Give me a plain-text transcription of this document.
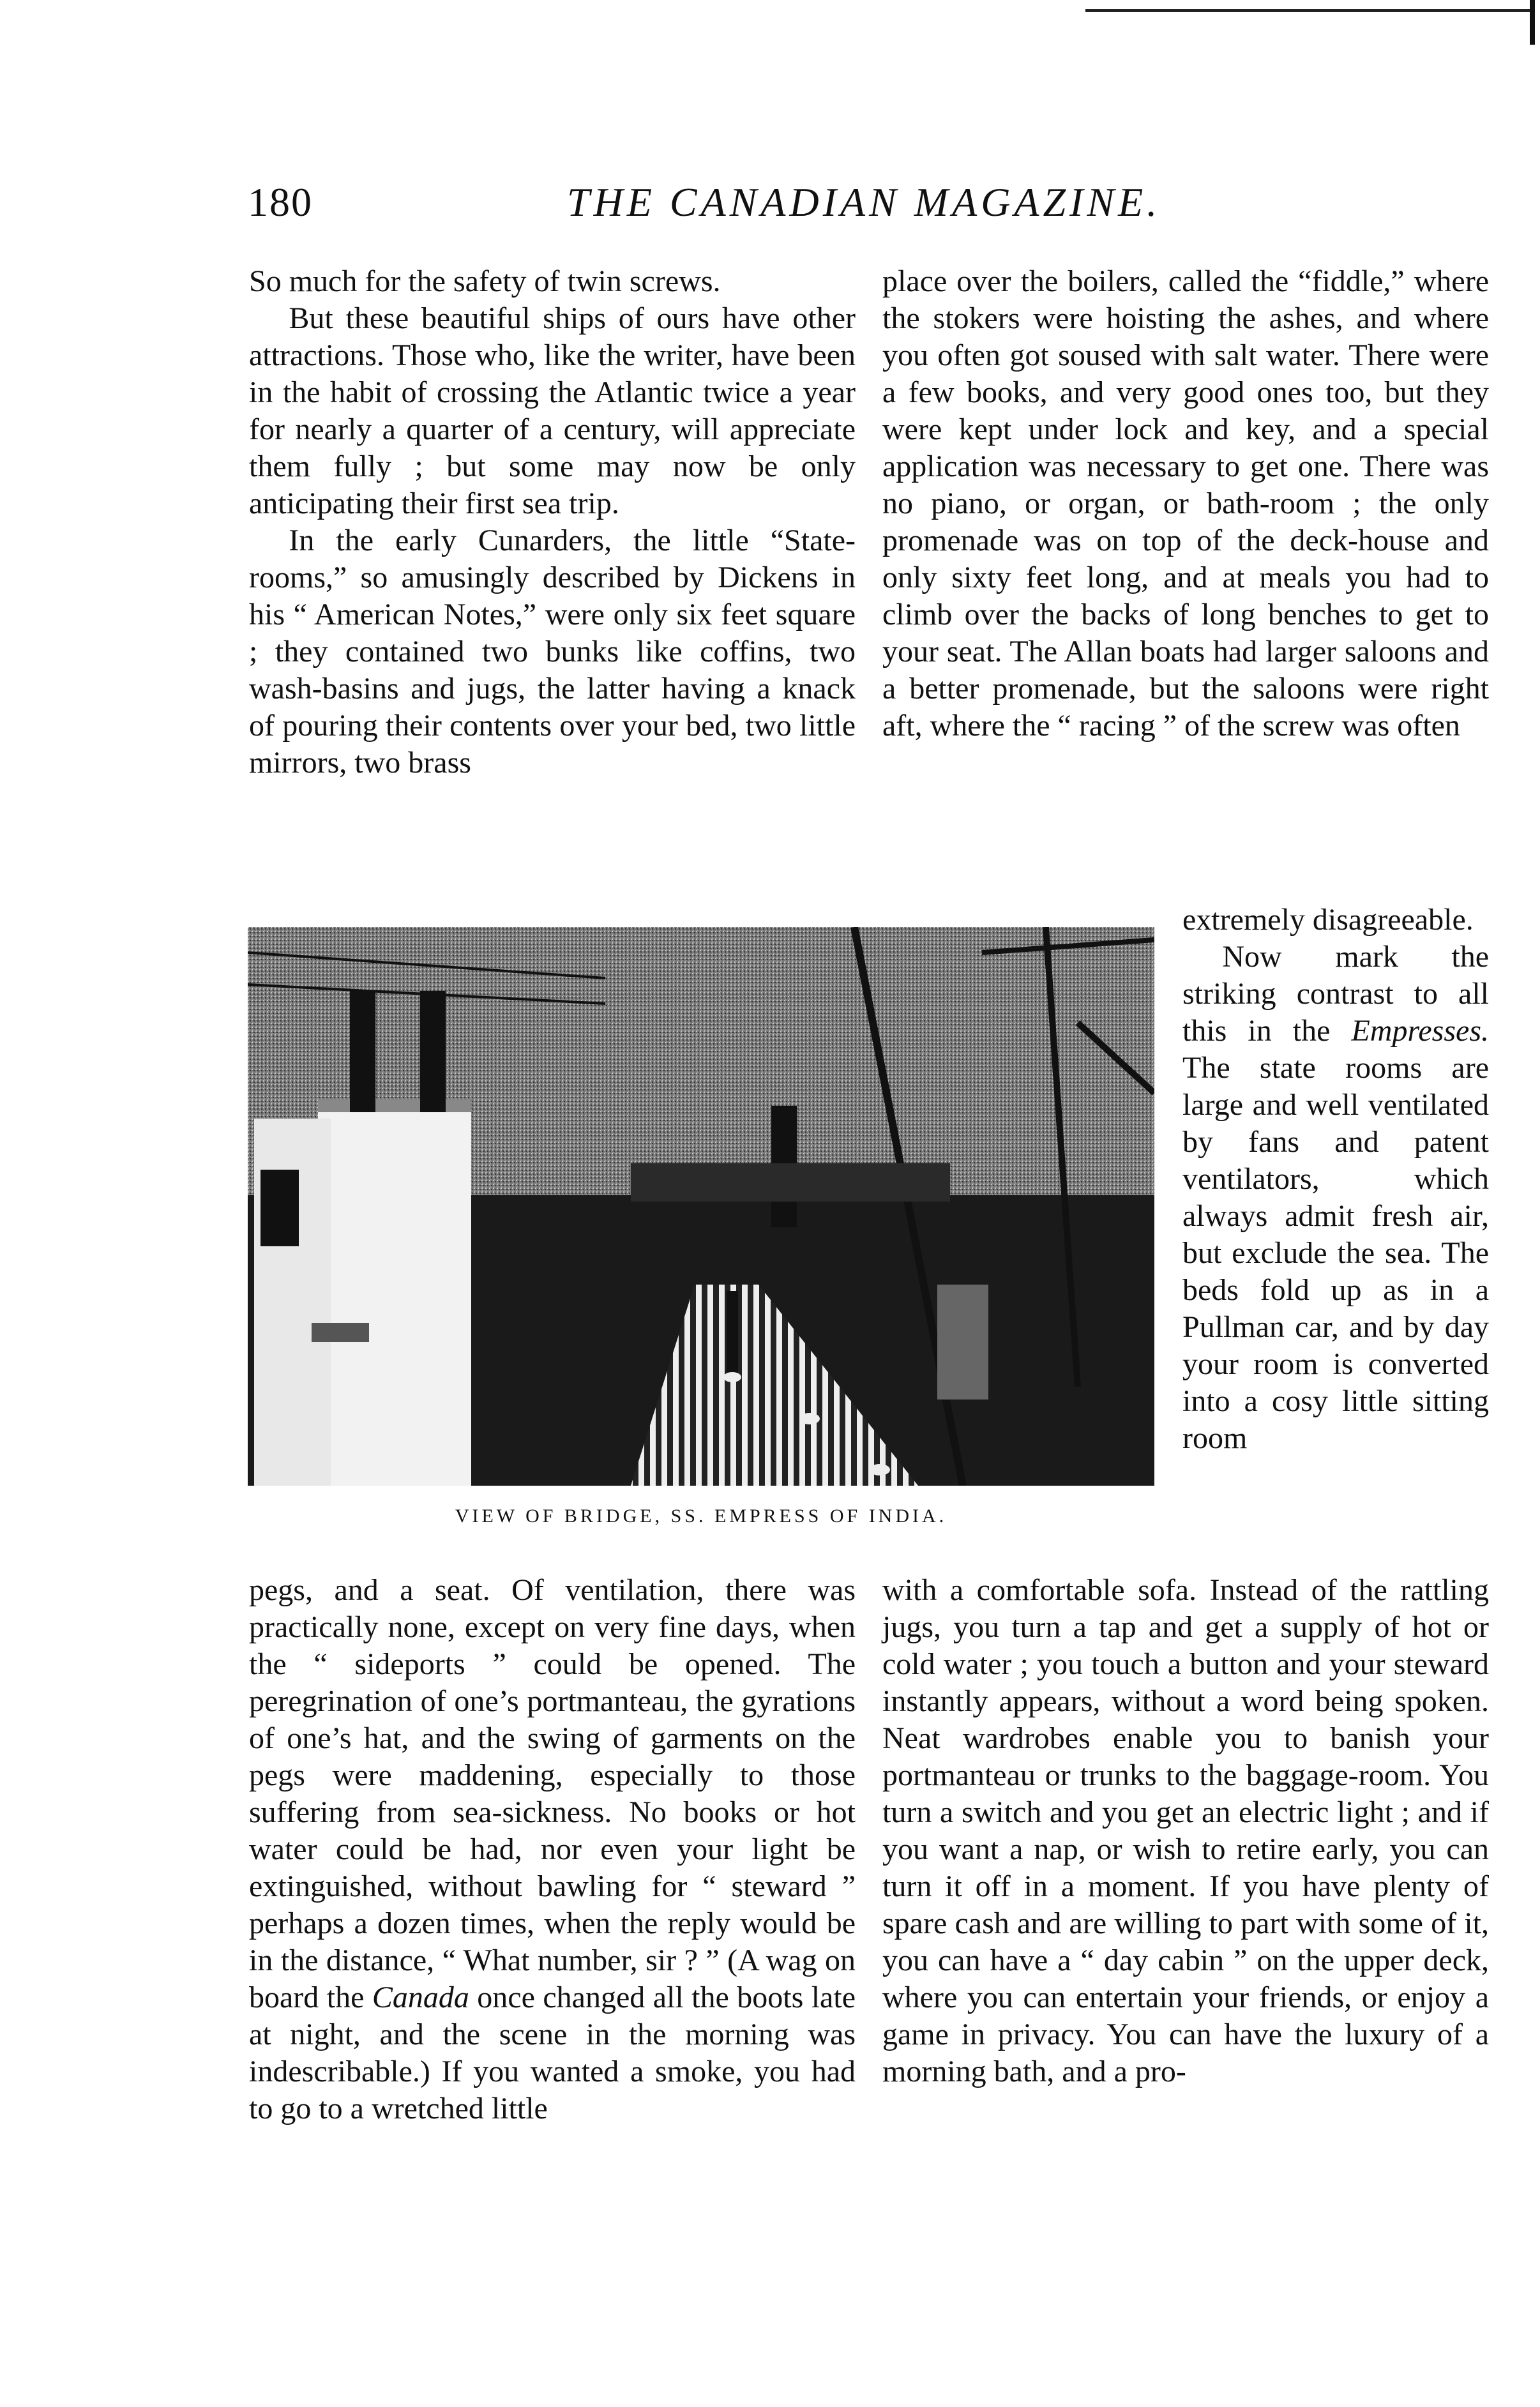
180	THE CANADIAN MAGAZINE.

So much for the safety of twin screws.

But these beautiful ships of ours have other attractions. Those who, like the writer, have been in the habit of crossing the Atlantic twice a year for nearly a quarter of a century, will appreciate them fully ; but some may now be only anticipating their first sea trip.

In the early Cunarders, the little “State-rooms,” so amusingly described by Dickens in his “ American Notes,” were only six feet square ; they contained two bunks like coffins, two wash-basins and jugs, the latter having a knack of pouring their contents over your bed, two little mirrors, two brass

place over the boilers, called the “fiddle,” where the stokers were hoisting the ashes, and where you often got soused with salt water. There were a few books, and very good ones too, but they were kept under lock and key, and a special application was necessary to get one. There was no piano, or organ, or bath-room ; the only promenade was on top of the deck-house and only sixty feet long, and at meals you had to climb over the backs of long benches to get to your seat. The Allan boats had larger saloons and a better promenade, but the saloons were right aft, where the “ racing ” of the screw was often

VIEW OF BRIDGE, SS. EMPRESS OF INDIA.

extremely disagreeable.

Now mark the striking contrast to all this in the Empresses. The state rooms are large and well ventilated by fans and patent ventilators, which always admit fresh air, but exclude the sea. The beds fold up as in a Pullman car, and by day your room is converted into a cosy little sitting room

pegs, and a seat. Of ventilation, there was practically none, except on very fine days, when the “ sideports ” could be opened. The peregrination of one’s portmanteau, the gyrations of one’s hat, and the swing of garments on the pegs were maddening, especially to those suffering from sea-sickness. No books or hot water could be had, nor even your light be extinguished, without bawling for “ steward ” perhaps a dozen times, when the reply would be in the distance, “ What number, sir ? ” (A wag on board the Canada once changed all the boots late at night, and the scene in the morning was indescribable.) If you wanted a smoke, you had to go to a wretched little

with a comfortable sofa. Instead of the rattling jugs, you turn a tap and get a supply of hot or cold water ; you touch a button and your steward instantly appears, without a word being spoken. Neat wardrobes enable you to banish your portmanteau or trunks to the baggage-room. You turn a switch and you get an electric light ; and if you want a nap, or wish to retire early, you can turn it off in a moment. If you have plenty of spare cash and are willing to part with some of it, you can have a “ day cabin ” on the upper deck, where you can entertain your friends, or enjoy a game in privacy. You can have the luxury of a morning bath, and a pro-
